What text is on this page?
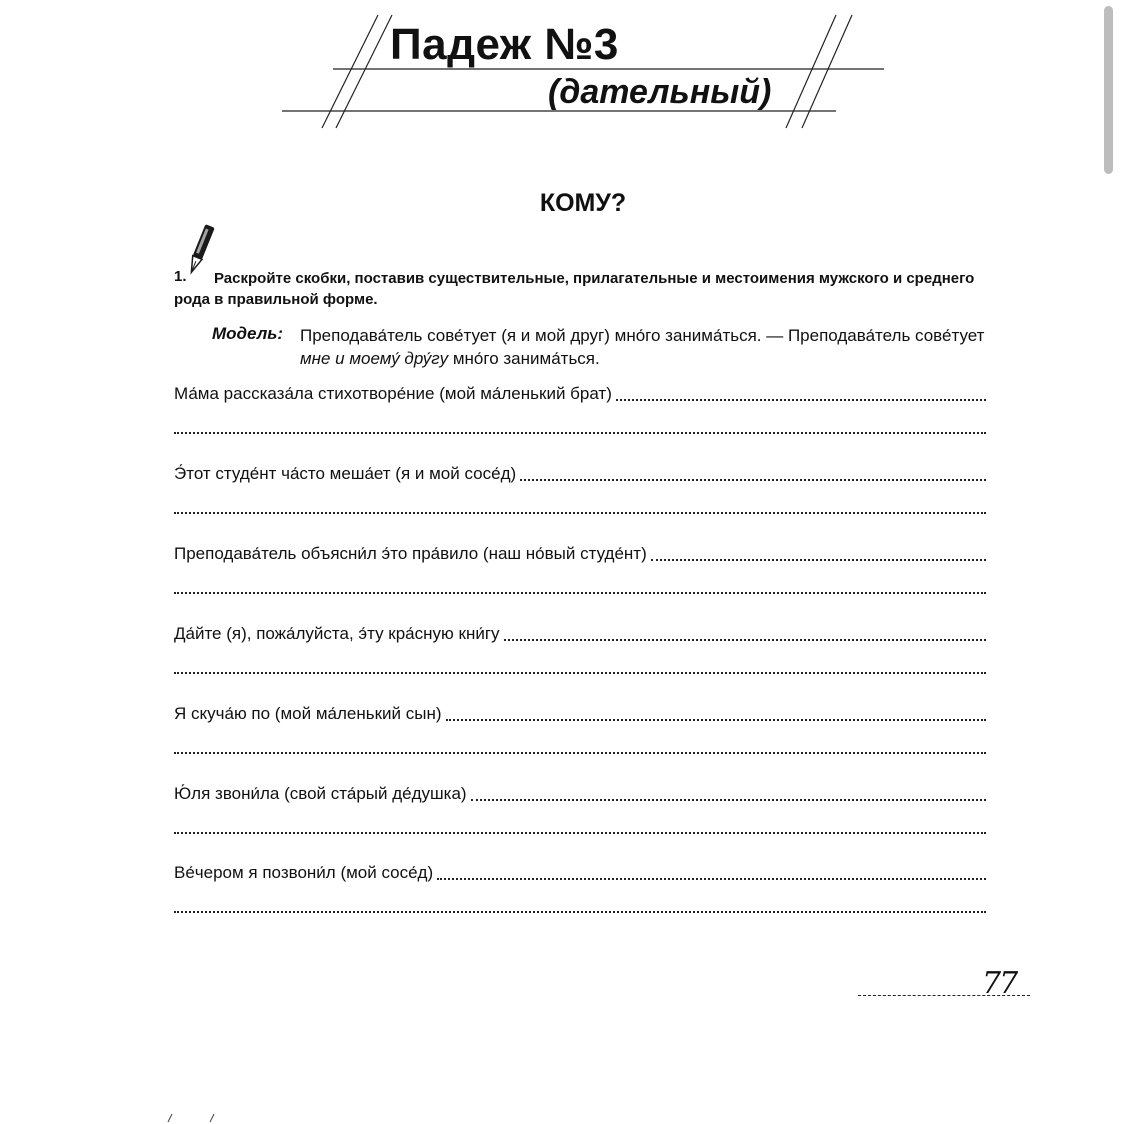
Падеж №3
(дательный)
КОМУ?
1.	Раскройте скобки, поставив существительные, прилагательные и местоимения мужского и среднего рода в правильной форме.
Модель: Преподава́тель сове́тует (я и мой друг) мно́го занима́ться. — Преподава́тель сове́тует мне и моему́ дру́гу мно́го занима́ться.
Ма́ма рассказа́ла стихотворе́ние (мой ма́ленький брат)
Э́тот студе́нт ча́сто меша́ет (я и мой сосе́д)
Преподава́тель объясни́л э́то пра́вило (наш но́вый студе́нт)
Да́йте (я), пожа́луйста, э́ту кра́сную кни́гу
Я скуча́ю по (мой ма́ленький сын)
Ю́ля звони́ла (свой ста́рый де́душка)
Ве́чером я позвони́л (мой сосе́д)
77
